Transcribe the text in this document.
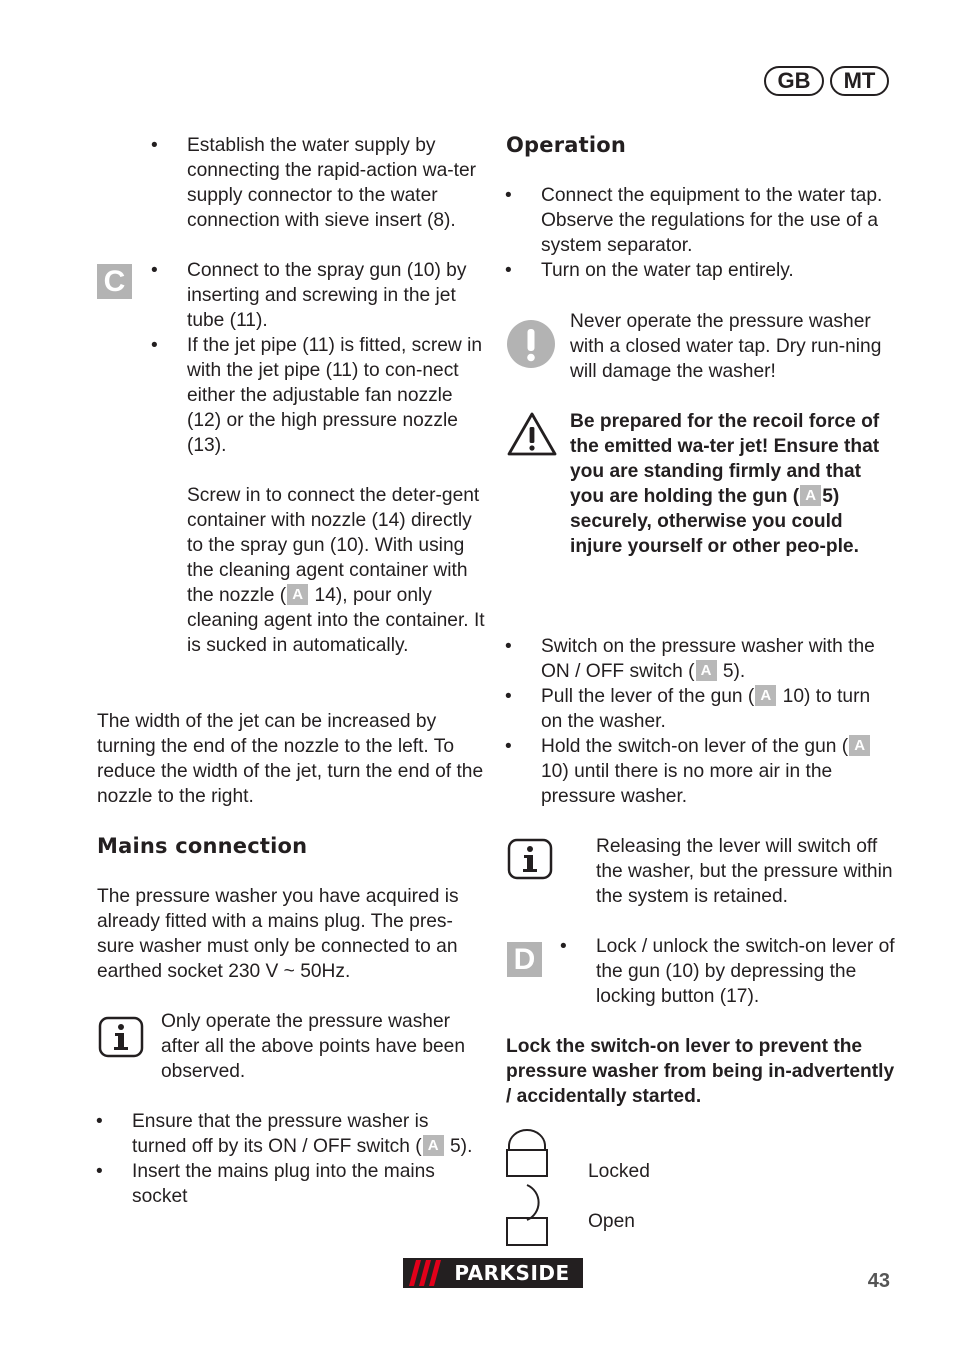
GB	MT
• Establish the water supply by connecting the rapid-action wa-ter supply connector to the water connection with sieve insert (8).
• Connect to the spray gun (10) by inserting and screwing in the jet tube (11).
• If the jet pipe (11) is fitted, screw in with the jet pipe (11) to con-nect either the adjustable fan nozzle (12) or the high pressure nozzle (13).

Screw in to connect the deter-gent container with nozzle (14) directly to the spray gun (10). With using the cleaning agent container with the nozzle ( A 14), pour only cleaning agent into the container. It is sucked in automatically.

C

The width of the jet can be increased by turning the end of the nozzle to the left. To reduce the width of the jet, turn the end of the nozzle to the right.

Mains connection

The pressure washer you have acquired is already fitted with a mains plug. The pres-sure washer must only be connected to an earthed socket 230 V ~ 50Hz.

Only operate the pressure washer after all the above points have been observed.

• Ensure that the pressure washer is turned off by its ON / OFF switch ( A 5).
• Insert the mains plug into the mains socket

Operation

• Connect the equipment to the water tap. Observe the regulations for the use of a system separator.
• Turn on the water tap entirely.

Never operate the pressure washer with a closed water tap. Dry run-ning will damage the washer!

Be prepared for the recoil force of the emitted wa-ter jet! Ensure that you are standing firmly and that you are holding the gun ( A 5) securely, otherwise you could injure yourself or other peo-ple.

• Switch on the pressure washer with the ON / OFF switch ( A 5).
• Pull the lever of the gun ( A 10) to turn on the washer.
• Hold the switch-on lever of the gun ( A 10) until there is no more air in the pressure washer.

Releasing the lever will switch off the washer, but the pressure within the system is retained.

D
•	Lock / unlock the switch-on lever of the gun (10) by depressing the locking button (17).

Lock the switch-on lever to prevent the pressure washer from being in-advertently / accidentally started.

Locked
Open
PARKSIDE	43
